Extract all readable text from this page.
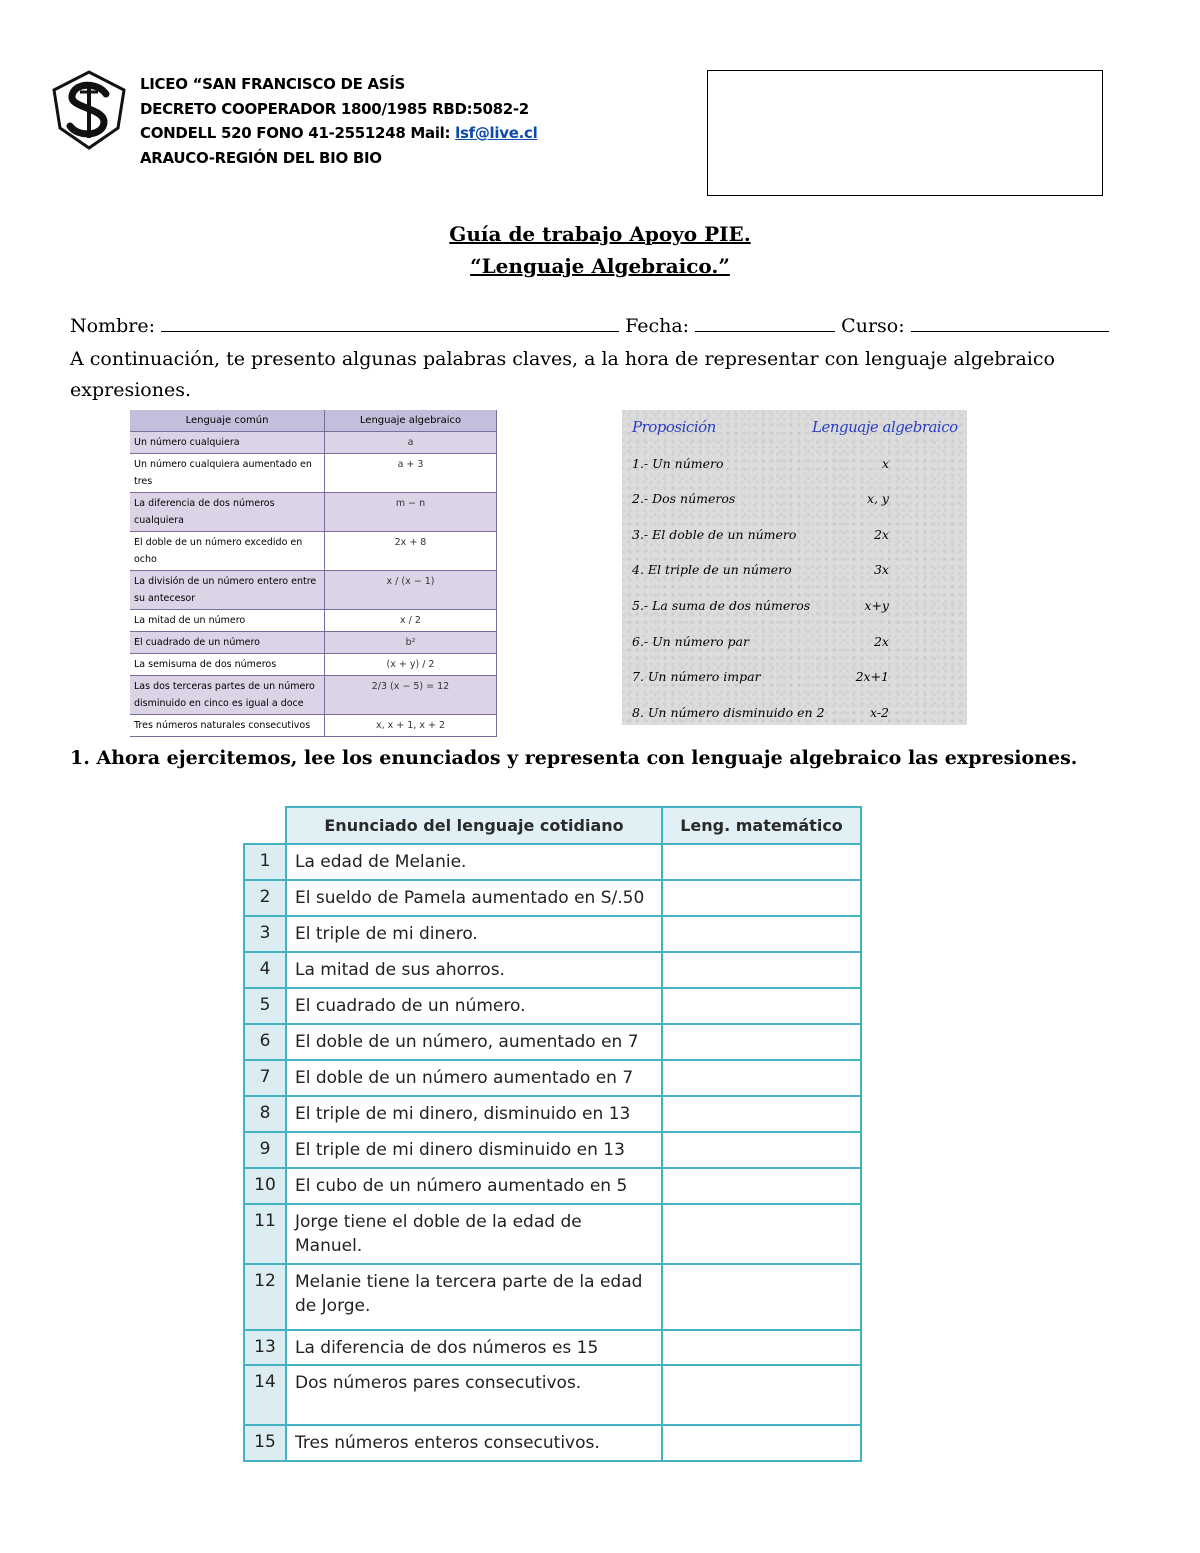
LICEO “SAN FRANCISCO DE ASÍS
DECRETO COOPERADOR 1800/1985 RBD:5082-2
CONDELL 520 FONO 41-2551248 Mail: lsf@live.cl
ARAUCO-REGIÓN DEL BIO BIO
Guía de trabajo Apoyo PIE.
“Lenguaje Algebraico.”
Nombre:	Fecha:	Curso:
A continuación, te presento algunas palabras claves, a la hora de representar con lenguaje algebraico expresiones.
Lenguaje común	Lenguaje algebraico
Un número cualquiera	a
Un número cualquiera aumentado en tres	a + 3
La diferencia de dos números cualquiera	m − n
El doble de un número excedido en ocho	2x + 8
La división de un número entero entre su antecesor	x / (x − 1)
La mitad de un número	x / 2
El cuadrado de un número	b²
La semisuma de dos números	(x + y) / 2
Las dos terceras partes de un número disminuido en cinco es igual a doce	2/3 (x − 5) = 12
Tres números naturales consecutivos	x, x + 1, x + 2
Proposición	Lenguaje algebraico
1.- Un número	x
2.- Dos números	x, y
3.- El doble de un número	2x
4. El triple de un número	3x
5.- La suma de dos números	x+y
6.- Un número par	2x
7. Un número impar	2x+1
8. Un número disminuido en 2	x-2
1. Ahora ejercitemos, lee los enunciados y representa con lenguaje algebraico las expresiones.
	Enunciado del lenguaje cotidiano	Leng. matemático
1	La edad de Melanie.	
2	El sueldo de Pamela aumentado en S/.50	
3	El triple de mi dinero.	
4	La mitad de sus ahorros.	
5	El cuadrado de un número.	
6	El doble de un número, aumentado en 7	
7	El doble de un número aumentado en 7	
8	El triple de mi dinero, disminuido en 13	
9	El triple de mi dinero disminuido en 13	
10	El cubo de un número aumentado en 5	
11	Jorge tiene el doble de la edad de Manuel.	
12	Melanie tiene la tercera parte de la edad de Jorge.	
13	La diferencia de dos números es 15	
14	Dos números pares consecutivos.	
15	Tres números enteros consecutivos.	
